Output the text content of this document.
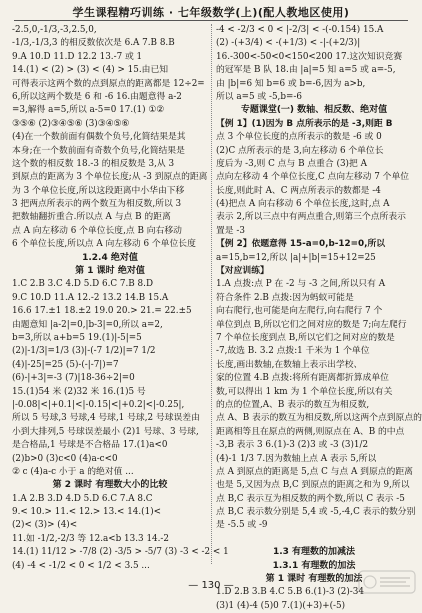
学生课程精巧训练 · 七年级数学(上)(配人教地区使用)
-2.5,0,-1/3,-3,2.5,0,
-1/3,-1/3,3 的相反数依次是 6.A 7.B 8.B
9.A 10.D 11.D 12.2 13.-7 或 1
14.(1) < (2) > (3) < (4) > 15.由已知
可得表示这两个数的点到原点的距离都是 12÷2=
6,所以这两个数是 6 和 -6 16.由题意得 a-2
=3,解得 a=5,所以 a-5=0 17.(1) ①②
③⑤⑥ (2)③④⑤⑥ (3)③④⑤⑥
(4)在一个数前面有偶数个负号,化简结果是其
本身;在一个数前面有奇数个负号,化简结果是
这个数的相反数 18.-3 的相反数是 3,从 3
到原点的距离为 3 个单位长度;从 -3 到原点的距离
为 3 个单位长度,所以这段距离中小华由下移
3 把两点所表示的两个数互为相反数,所以 3
把数轴翻折重合.所以点 A 与点 B 的距离
点 A 向左移动 6 个单位长度,点 B 向右移动
6 个单位长度,所以点 A 向左移动 6 个单位长度
1.2.4 绝对值
第 1 课时 绝对值
1.C 2.B 3.C 4.D 5.D 6.C 7.B 8.D
9.C 10.D 11.A 12.-2 13.2 14.B 15.A
16.6 17.±1 18.±2 19.0 20.> 21.= 22.±5
由题意知 |a-2|=0,|b-3|=0,所以 a=2,
b=3,所以 a+b=5 19.(1)|-5|=5
(2)|-1/3|=1/3 (3)|-(-7 1/2)|=7 1/2
(4)|-25|=25 (5)-(-|-7|)=7
(6)-|+3|=-3 (7)|18-36÷2|=0
15.(1)54 米 (2)32 米 16.(1)5 号
|-0.08|<|+0.1|<|-0.15|<|+0.2|<|-0.25|,
所以 5 号球,3 号球,4 号球,1 号球,2 号球误差由
小到大排列,5 号球误差最小 (2)1 号球、3 号球,
是合格品,1 号球是不合格品 17.(1)a<0
(2)b>0 (3)c<0 (4)a-c<0
② c (4)a-c 小于 a 的绝对值 ...
第 2 课时 有理数大小的比较
1.A 2.B 3.D 4.D 5.D 6.C 7.A 8.C
9.< 10.> 11.< 12.> 13.< 14.(1)<
(2)< (3)> (4)<
11.如 -1/2,-2/3 等 12.a<b 13.3 14.-2
14.(1) 11/12 > -7/8 (2) -3/5 > -5/7 (3) -3 < -2 < 1
(4) -4 < -1/2 < 0 < 1/2 < 3.5 ...
-4 < -2/3 < 0 < |-2/3| < -(-0.154) 15.A
(2) -(+3/4) < -(+1/3) < -|-(+2/3)|
16.-300<-50<0<150<200 17.这次知识竞赛
的冠军是 B 队 18.由 |a|=5 知 a=5 或 a=-5,
由 |b|=6 知 b=6 或 b=-6,因为 a>b,
所以 a=5 或 -5,b=-6
专题课堂(一) 数轴、相反数、绝对值
【例 1】(1)因为 B 点所表示的是 -3,则距 B
点 3 个单位长度的点所表示的数是 -6 或 0
(2)C 点所表示的是 3,向左移动 6 个单位长
度后为 -3,则 C 点与 B 点重合 (3)把 A
点向左移动 4 个单位长度,C 点向左移动 7 个单位
长度,则此时 A、C 两点所表示的数都是 -4
(4)把点 A 向右移动 6 个单位长度,这时,点 A
表示 2,所以三点中有两点重合,则第三个点所表示
置是 -3
【例 2】依题意得 15-a=0,b-12=0,所以
a=15,b=12,所以 |a|+|b|=15+12=25
【对应训练】
1.A 点拨:点 P 在 -2 与 -3 之间,所以只有 A
符合条件 2.B 点拨:因为蚂蚁可能是
向右爬行,也可能是向左爬行,向右爬行 7 个
单位到点 B,所以它们之间对应的数是 7;向左爬行
7 个单位长度到点 B,所以它们之间对应的数是
-7,故选 B. 3.2 点拨:1 千米为 1 个单位
长度,画出数轴,在数轴上表示出学校、
家的位置 4.B 点拨:将所有距离都折算成单位
数,可以得出 1 km 为 1 个单位长度,所以有关
的点的位置,A、B 表示的数互为相反数,
点 A、B 表示的数互为相反数,所以这两个点到原点的
距离相等且在原点的两侧,则原点在 A、B 的中点
-3,B 表示 3 6.(1)-3 (2)3 或 -3 (3)1/2
(4)-1 1/3 7.因为数轴上点 A 表示 5,所以
点 A 到原点的距离是 5,点 C 与点 A 到原点的距离
也是 5,又因为点 B,C 到原点的距离之和为 9,所以
点 B,C 表示互为相反数的两个数,所以 C 表示 -5
点 B,C 表示数分别是 5,4 或 -5,-4,C 表示的数分别
是 -5.5 或 -9
1.3 有理数的加减法
1.3.1 有理数的加法
第 1 课时 有理数的加法
1.D 2.B 3.B 4.C 5.B 6.(1)-3 (2)-34
(3)1 (4)-4 (5)0 7.(1)(+3)+(-5)
— 130 —
